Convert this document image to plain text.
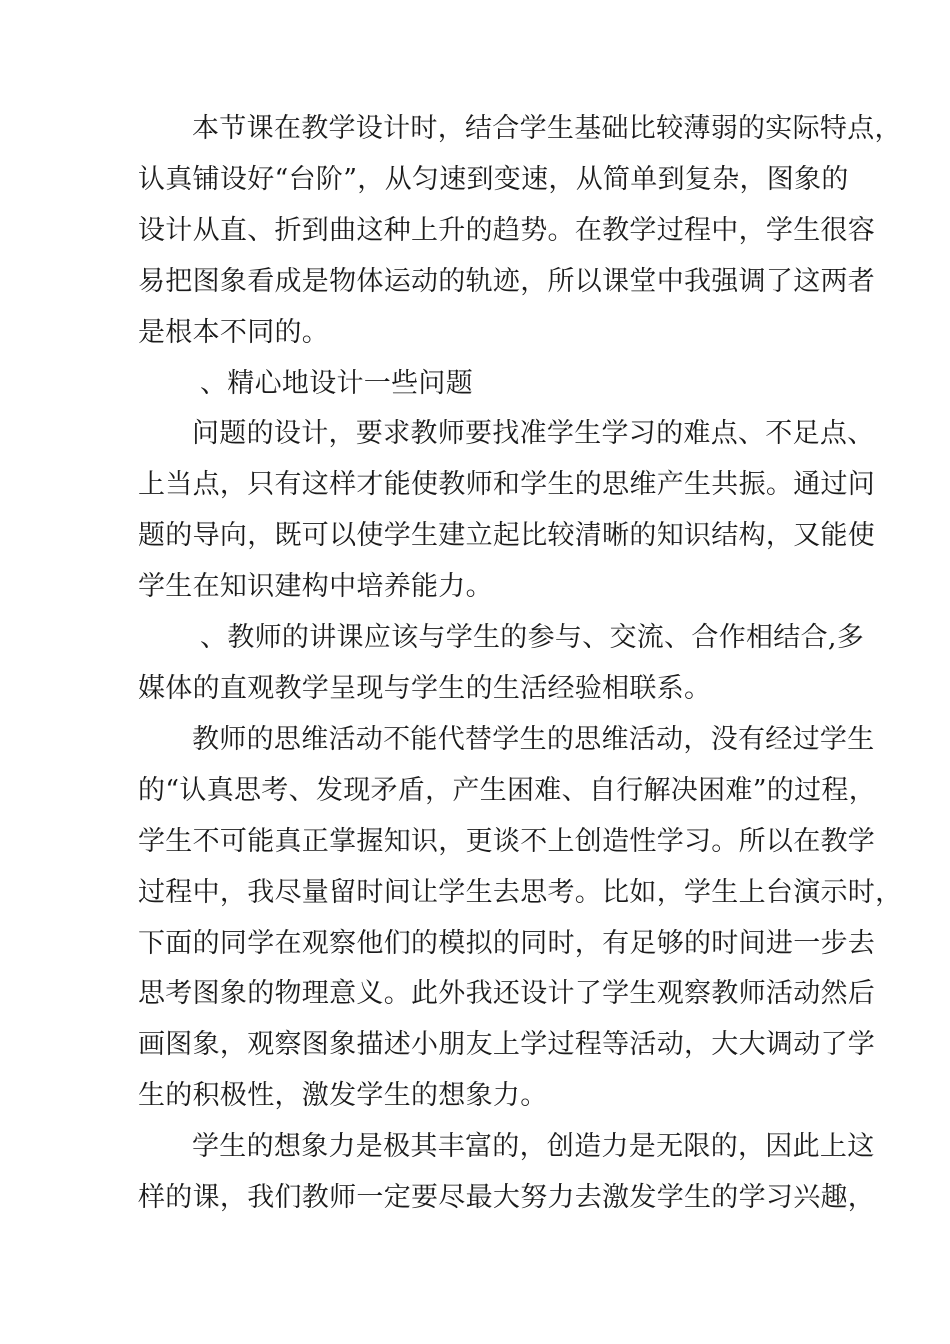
本节课在教学设计时，结合学生基础比较薄弱的实际特点，
认真铺设好“台阶”，从匀速到变速，从简单到复杂，图象的
设计从直、折到曲这种上升的趋势。在教学过程中，学生很容
易把图象看成是物体运动的轨迹，所以课堂中我强调了这两者
是根本不同的。
、精心地设计一些问题
问题的设计，要求教师要找准学生学习的难点、不足点、
上当点，只有这样才能使教师和学生的思维产生共振。通过问
题的导向，既可以使学生建立起比较清晰的知识结构，又能使
学生在知识建构中培养能力。
、教师的讲课应该与学生的参与、交流、合作相结合,多
媒体的直观教学呈现与学生的生活经验相联系。
教师的思维活动不能代替学生的思维活动，没有经过学生
的“认真思考、发现矛盾，产生困难、自行解决困难”的过程，
学生不可能真正掌握知识，更谈不上创造性学习。所以在教学
过程中，我尽量留时间让学生去思考。比如，学生上台演示时，
下面的同学在观察他们的模拟的同时，有足够的时间进一步去
思考图象的物理意义。此外我还设计了学生观察教师活动然后
画图象，观察图象描述小朋友上学过程等活动，大大调动了学
生的积极性，激发学生的想象力。
学生的想象力是极其丰富的，创造力是无限的，因此上这
样的课，我们教师一定要尽最大努力去激发学生的学习兴趣，
